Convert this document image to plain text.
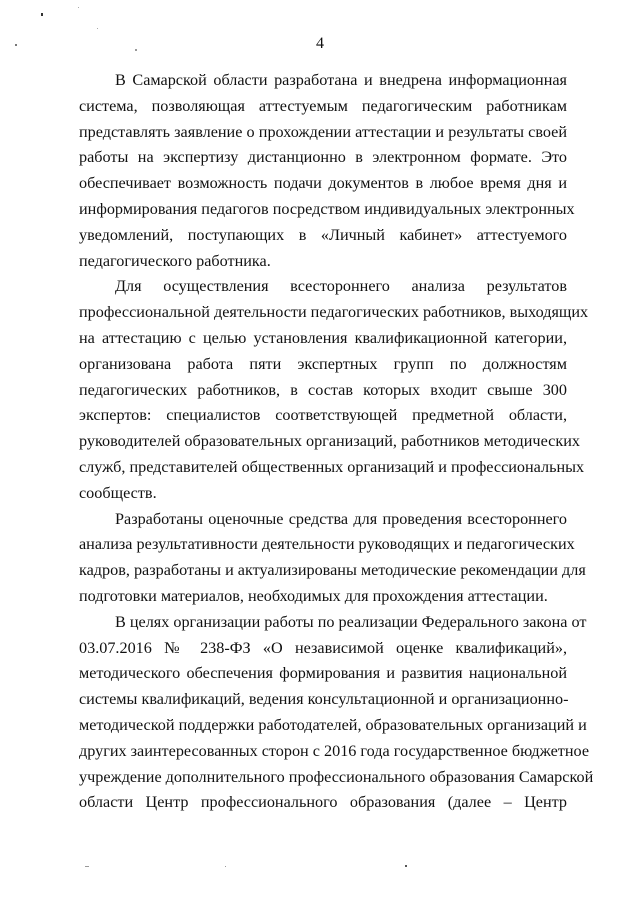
4
В Самарской области разработана и внедрена информационная
система, позволяющая аттестуемым педагогическим работникам
представлять заявление о прохождении аттестации и результаты своей
работы на экспертизу дистанционно в электронном формате. Это
обеспечивает возможность подачи документов в любое время дня и
информирования педагогов посредством индивидуальных электронных
уведомлений, поступающих в «Личный кабинет» аттестуемого
педагогического работника.
Для осуществления всестороннего анализа результатов
профессиональной деятельности педагогических работников, выходящих
на аттестацию с целью установления квалификационной категории,
организована работа пяти экспертных групп по должностям
педагогических работников, в состав которых входит свыше 300
экспертов: специалистов соответствующей предметной области,
руководителей образовательных организаций, работников методических
служб, представителей общественных организаций и профессиональных
сообществ.
Разработаны оценочные средства для проведения всестороннего
анализа результативности деятельности руководящих и педагогических
кадров, разработаны и актуализированы методические рекомендации для
подготовки материалов, необходимых для прохождения аттестации.
В целях организации работы по реализации Федерального закона от
03.07.2016 № 238-ФЗ «О независимой оценке квалификаций»,
методического обеспечения формирования и развития национальной
системы квалификаций, ведения консультационной и организационно-
методической поддержки работодателей, образовательных организаций и
других заинтересованных сторон с 2016 года государственное бюджетное
учреждение дополнительного профессионального образования Самарской
области Центр профессионального образования (далее – Центр
